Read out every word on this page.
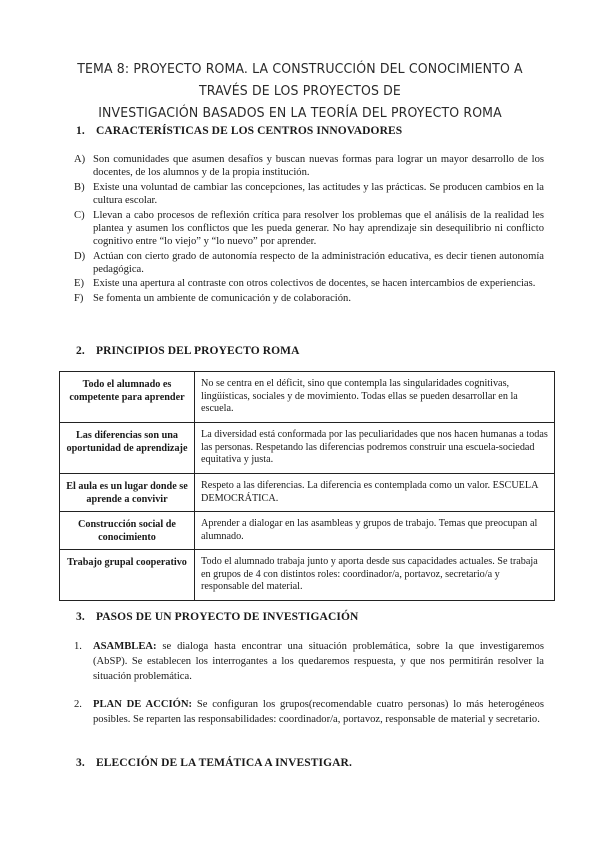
TEMA 8: PROYECTO ROMA. LA CONSTRUCCIÓN DEL CONOCIMIENTO A TRAVÉS DE LOS PROYECTOS DE
INVESTIGACIÓN BASADOS EN LA TEORÍA DEL PROYECTO ROMA
1. CARACTERÍSTICAS DE LOS CENTROS INNOVADORES
A) Son comunidades que asumen desafíos y buscan nuevas formas para lograr un mayor desarrollo de los docentes, de los alumnos y de la propia institución.
B) Existe una voluntad de cambiar las concepciones, las actitudes y las prácticas. Se producen cambios en la cultura escolar.
C) Llevan a cabo procesos de reflexión crítica para resolver los problemas que el análisis de la realidad les plantea y asumen los conflictos que les pueda generar. No hay aprendizaje sin desequilibrio ni conflicto cognitivo entre “lo viejo” y “lo nuevo” por aprender.
D) Actúan con cierto grado de autonomía respecto de la administración educativa, es decir tienen autonomía pedagógica.
E) Existe una apertura al contraste con otros colectivos de docentes, se hacen intercambios de experiencias.
F) Se fomenta un ambiente de comunicación y de colaboración.
2. PRINCIPIOS DEL PROYECTO ROMA
Todo el alumnado es competente para aprender	No se centra en el déficit, sino que contempla las singularidades cognitivas, lingüísticas, sociales y de movimiento. Todas ellas se pueden desarrollar en la escuela.
Las diferencias son una oportunidad de aprendizaje	La diversidad está conformada por las peculiaridades que nos hacen humanas a todas las personas. Respetando las diferencias podremos construir una escuela-sociedad equitativa y justa.
El aula es un lugar donde se aprende a convivir	Respeto a las diferencias. La diferencia es contemplada como un valor. ESCUELA DEMOCRÁTICA.
Construcción social de conocimiento	Aprender a dialogar en las asambleas y grupos de trabajo. Temas que preocupan al alumnado.
Trabajo grupal cooperativo	Todo el alumnado trabaja junto y aporta desde sus capacidades actuales. Se trabaja en grupos de 4 con distintos roles: coordinador/a, portavoz, secretario/a y responsable del material.
3. PASOS DE UN PROYECTO DE INVESTIGACIÓN
1. ASAMBLEA: se dialoga hasta encontrar una situación problemática, sobre la que investigaremos (AbSP). Se establecen los interrogantes a los quedaremos respuesta, y que nos permitirán resolver la situación problemática.
2. PLAN DE ACCIÓN: Se configuran los grupos(recomendable cuatro personas) lo más heterogéneos posibles. Se reparten las responsabilidades: coordinador/a, portavoz, responsable de material y secretario.
3. ELECCIÓN DE LA TEMÁTICA A INVESTIGAR.
